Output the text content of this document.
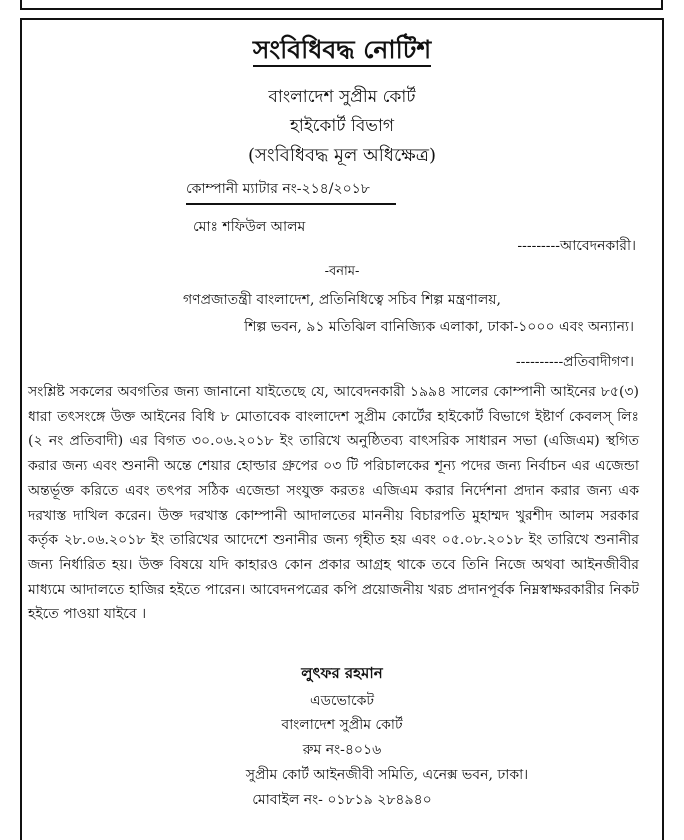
সংবিধিবদ্ধ নোটিশ
বাংলাদেশ সুপ্রীম কোর্ট
হাইকোর্ট বিভাগ
(সংবিধিবদ্ধ মূল অধিক্ষেত্র)
কোম্পানী ম্যাটার নং-২১৪/২০১৮
মোঃ শফিউল আলম
---------আবেদনকারী।
-বনাম-
গণপ্রজাতন্ত্রী বাংলাদেশ, প্রতিনিধিত্বে সচিব শিল্প মন্ত্রণালয়,
শিল্প ভবন, ৯১ মতিঝিল বানিজ্যিক এলাকা, ঢাকা-১০০০ এবং অন্যান্য।
----------প্রতিবাদীগণ।
সংশ্লিষ্ট সকলের অবগতির জন্য জানানো যাইতেছে যে, আবেদনকারী ১৯৯৪ সালের কোম্পানী আইনের ৮৫(৩) ধারা তৎসংঙ্গে উক্ত আইনের বিধি ৮ মোতাবেক বাংলাদেশ সুপ্রীম কোর্টের হাইকোর্ট বিভাগে ইষ্টার্ণ কেবলস্ লিঃ (২ নং প্রতিবাদী) এর বিগত ৩০.০৬.২০১৮ ইং তারিখে অনুষ্ঠিতব্য বাৎসরিক সাধারন সভা (এজিএম) স্থগিত করার জন্য এবং শুনানী অন্তে শেয়ার হোল্ডার গ্রুপের ০৩ টি পরিচালকের শূন্য পদের জন্য নির্বাচন এর এজেন্ডা অন্তর্ভূক্ত করিতে এবং তৎপর সঠিক এজেন্ডা সংযুক্ত করতঃ এজিএম করার নির্দেশনা প্রদান করার জন্য এক দরখাস্ত দাখিল করেন। উক্ত দরখাস্ত কোম্পানী আদালতের মাননীয় বিচারপতি মুহাম্মদ খুরশীদ আলম সরকার কর্তৃক ২৮.০৬.২০১৮ ইং তারিখের আদেশে শুনানীর জন্য গৃহীত হয় এবং ০৫.০৮.২০১৮ ইং তারিখে শুনানীর জন্য নির্ধারিত হয়। উক্ত বিষয়ে যদি কাহারও কোন প্রকার আগ্রহ থাকে তবে তিনি নিজে অথবা আইনজীবীর মাধ্যমে আদালতে হাজির হইতে পারেন। আবেদনপত্রের কপি প্রয়োজনীয় খরচ প্রদানপূর্বক নিম্নস্বাক্ষরকারীর নিকট হইতে পাওয়া যাইবে ।
লুৎফর রহমান
এডভোকেট
বাংলাদেশ সুপ্রীম কোর্ট
রুম নং-৪০১৬
সুপ্রীম কোর্ট আইনজীবী সমিতি, এনেক্স ভবন, ঢাকা।
মোবাইল নং- ০১৮১৯ ২৮৪৯৪০
